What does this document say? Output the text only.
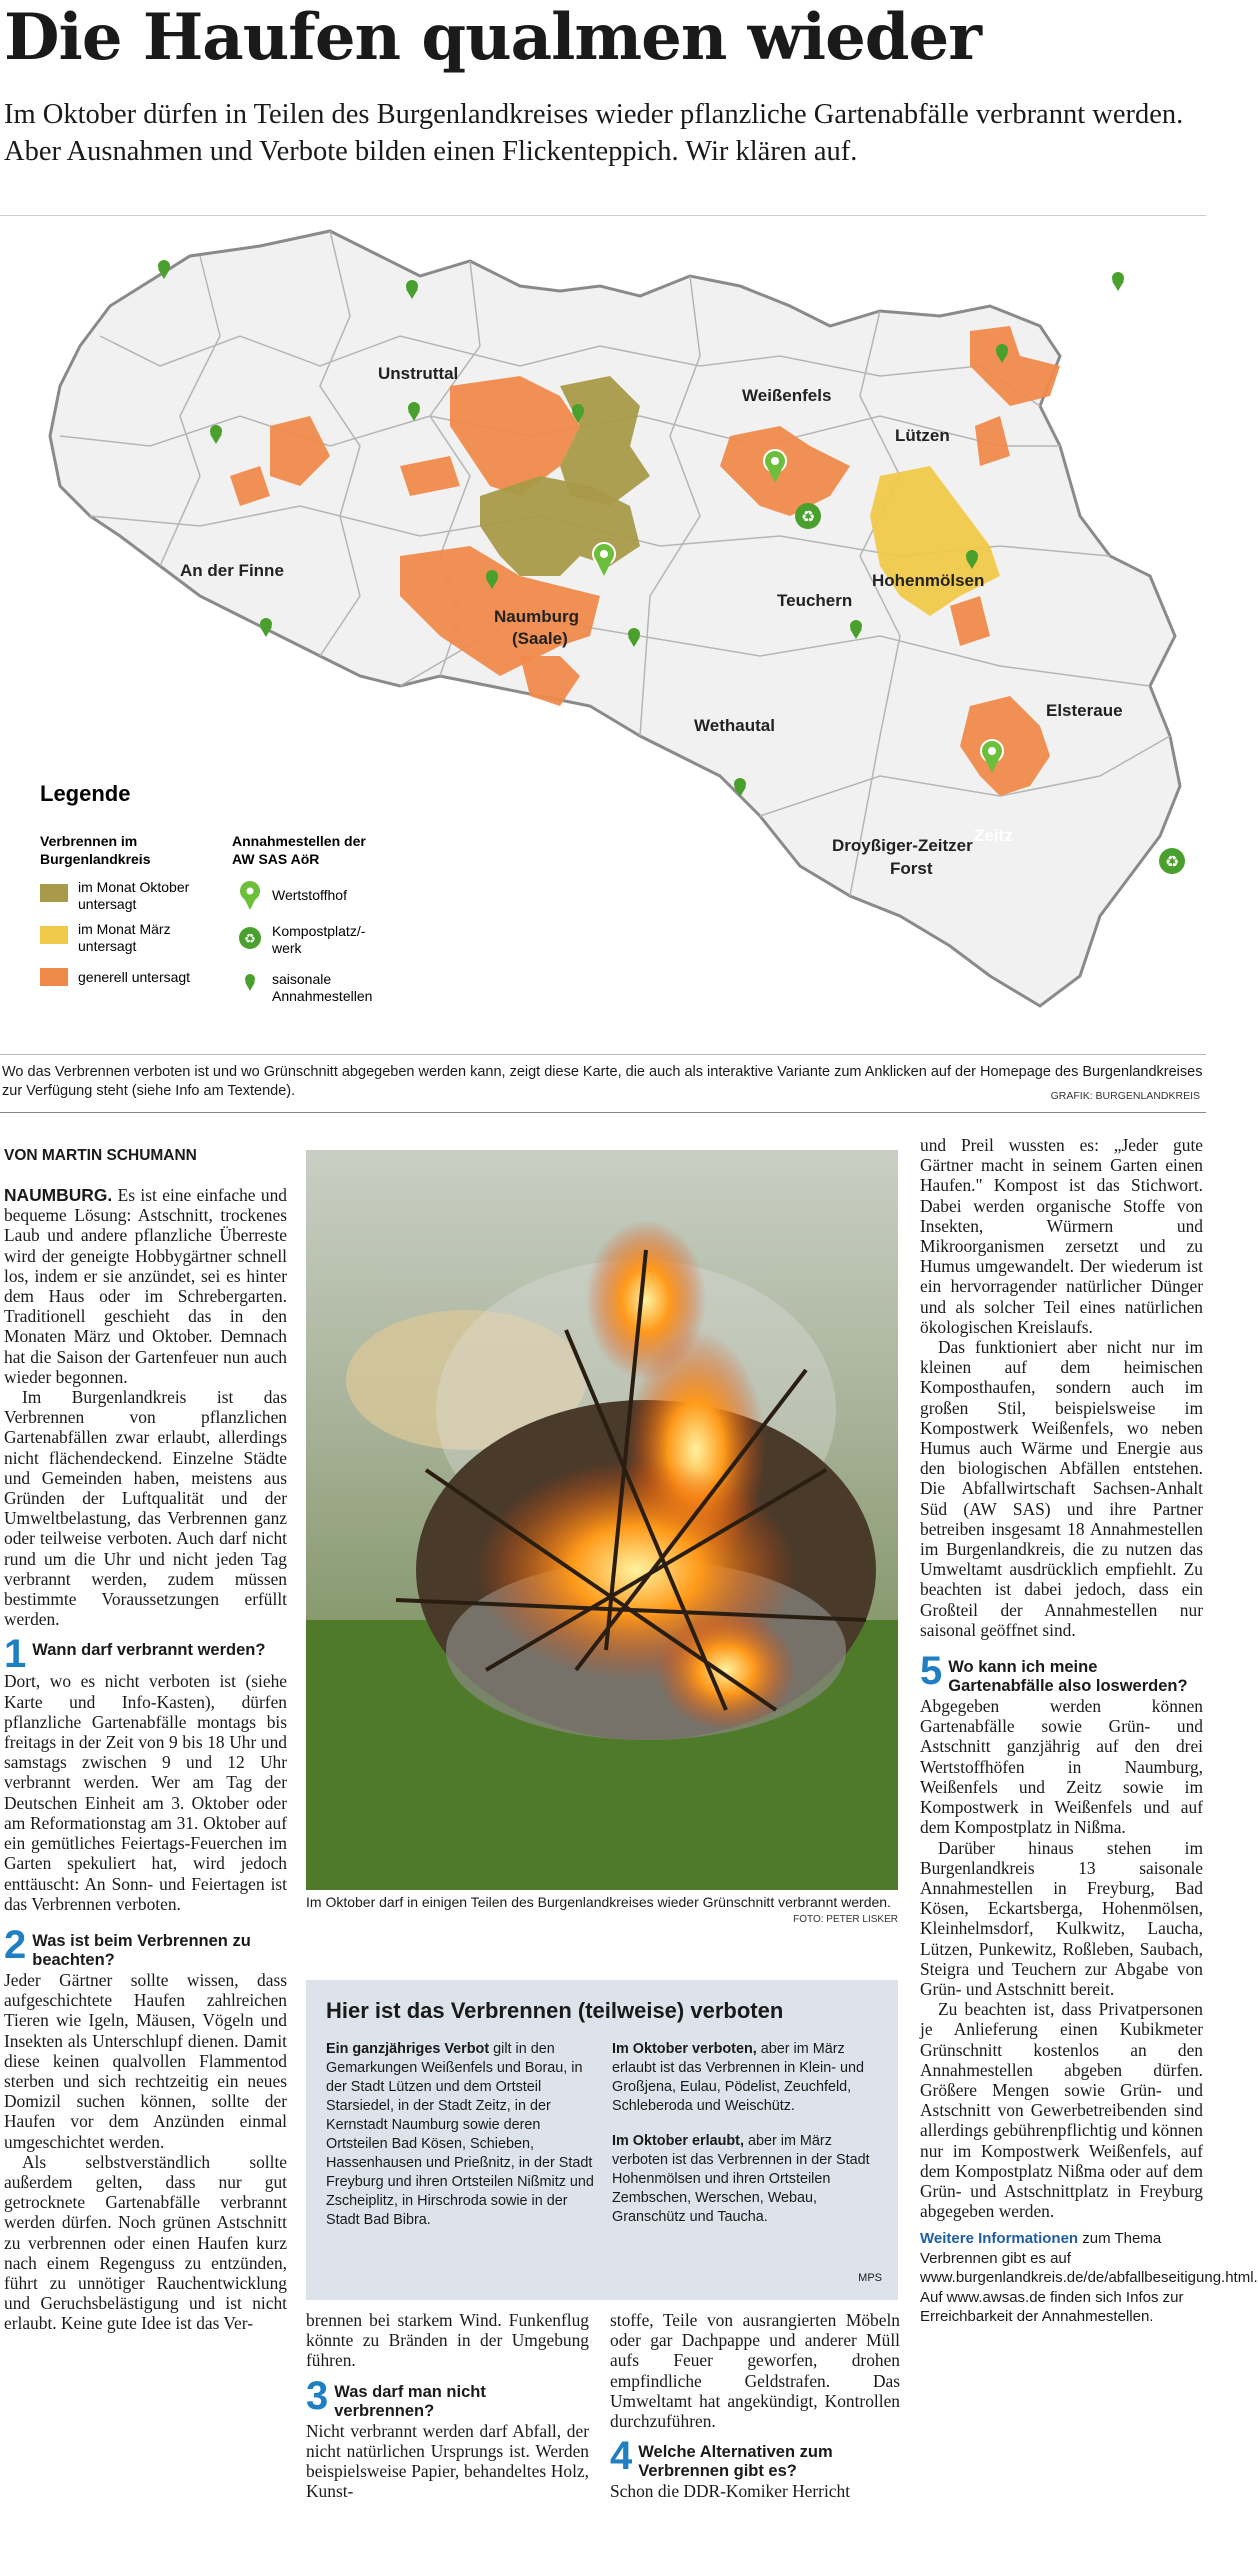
Die Haufen qualmen wieder
Im Oktober dürfen in Teilen des Burgenlandkreises wieder pflanzliche Gartenabfälle verbrannt werden. Aber Ausnahmen und Verbote bilden einen Flickenteppich. Wir klären auf.
♻
♻
Unstruttal
Weißenfels
Lützen
An der Finne
Naumburg
(Saale)
Teuchern
Hohenmölsen
Wethautal
Elsteraue
Zeitz
Droyßiger-Zeitzer
Forst
Legende
Verbrennen im
Burgenlandkreis
im Monat Oktober
untersagt
im Monat März
untersagt
generell untersagt
Annahmestellen der
AW SAS AöR
Wertstoffhof
♻
Kompostplatz/-
werk
saisonale
Annahmestellen
Wo das Verbrennen verboten ist und wo Grünschnitt abgegeben werden kann, zeigt diese Karte, die auch als interaktive Variante zum Anklicken auf der Homepage des Burgenlandkreises zur Verfügung steht (siehe Info am Textende).	GRAFIK: BURGENLANDKREIS
VON MARTIN SCHUMANN

NAUMBURG. Es ist eine einfache und bequeme Lösung: Astschnitt, trockenes Laub und andere pflanzliche Überreste wird der geneigte Hobbygärtner schnell los, indem er sie anzündet, sei es hinter dem Haus oder im Schrebergarten. Traditionell geschieht das in den Monaten März und Oktober. Demnach hat die Saison der Gartenfeuer nun auch wieder begonnen.

Im Burgenlandkreis ist das Verbrennen von pflanzlichen Gartenabfällen zwar erlaubt, allerdings nicht flächendeckend. Einzelne Städte und Gemeinden haben, meistens aus Gründen der Luftqualität und der Umweltbelastung, das Verbrennen ganz oder teilweise verboten. Auch darf nicht rund um die Uhr und nicht jeden Tag verbrannt werden, zudem müssen bestimmte Voraussetzungen erfüllt werden.

1 Wann darf verbrannt werden?

Dort, wo es nicht verboten ist (siehe Karte und Info-Kasten), dürfen pflanzliche Gartenabfälle montags bis freitags in der Zeit von 9 bis 18 Uhr und samstags zwischen 9 und 12 Uhr verbrannt werden. Wer am Tag der Deutschen Einheit am 3. Oktober oder am Reformationstag am 31. Oktober auf ein gemütliches Feiertags-Feuerchen im Garten spekuliert hat, wird jedoch enttäuscht: An Sonn- und Feiertagen ist das Verbrennen verboten.

2 Was ist beim Verbrennen zu beachten?

Jeder Gärtner sollte wissen, dass aufgeschichtete Haufen zahlreichen Tieren wie Igeln, Mäusen, Vögeln und Insekten als Unterschlupf dienen. Damit diese keinen qualvollen Flammentod sterben und sich rechtzeitig ein neues Domizil suchen können, sollte der Haufen vor dem Anzünden einmal umgeschichtet werden.

Als selbstverständlich sollte außerdem gelten, dass nur gut getrocknete Gartenabfälle verbrannt werden dürfen. Noch grünen Astschnitt zu verbrennen oder einen Haufen kurz nach einem Regenguss zu entzünden, führt zu unnötiger Rauchentwicklung und Geruchsbelästigung und ist nicht erlaubt. Keine gute Idee ist das Ver-

Im Oktober darf in einigen Teilen des Burgenlandkreises wieder Grünschnitt verbrannt werden.
FOTO: PETER LISKER
Hier ist das Verbrennen (teilweise) verboten

Ein ganzjähriges Verbot gilt in den Gemarkungen Weißenfels und Borau, in der Stadt Lützen und dem Ortsteil Starsiedel, in der Stadt Zeitz, in der Kernstadt Naumburg sowie deren Ortsteilen Bad Kösen, Schieben, Hassenhausen und Prießnitz, in der Stadt Freyburg und ihren Ortsteilen Nißmitz und Zscheiplitz, in Hirschroda sowie in der Stadt Bad Bibra.

Im Oktober verboten, aber im März erlaubt ist das Verbrennen in Klein- und Großjena, Eulau, Pödelist, Zeuchfeld, Schleberoda und Weischütz.

Im Oktober erlaubt, aber im März verboten ist das Verbrennen in der Stadt Hohenmölsen und ihren Ortsteilen Zembschen, Werschen, Webau, Granschütz und Taucha.

MPS

brennen bei starkem Wind. Funkenflug könnte zu Bränden in der Umgebung führen.

3 Was darf man nicht verbrennen?

Nicht verbrannt werden darf Abfall, der nicht natürlichen Ursprungs ist. Werden beispielsweise Papier, behandeltes Holz, Kunst-

stoffe, Teile von ausrangierten Möbeln oder gar Dachpappe und anderer Müll aufs Feuer geworfen, drohen empfindliche Geldstrafen. Das Umweltamt hat angekündigt, Kontrollen durchzuführen.

4 Welche Alternativen zum Verbrennen gibt es?

Schon die DDR-Komiker Herricht

und Preil wussten es: „Jeder gute Gärtner macht in seinem Garten einen Haufen." Kompost ist das Stichwort. Dabei werden organische Stoffe von Insekten, Würmern und Mikroorganismen zersetzt und zu Humus umgewandelt. Der wiederum ist ein hervorragender natürlicher Dünger und als solcher Teil eines natürlichen ökologischen Kreislaufs.

Das funktioniert aber nicht nur im kleinen auf dem heimischen Komposthaufen, sondern auch im großen Stil, beispielsweise im Kompostwerk Weißenfels, wo neben Humus auch Wärme und Energie aus den biologischen Abfällen entstehen. Die Abfallwirtschaft Sachsen-Anhalt Süd (AW SAS) und ihre Partner betreiben insgesamt 18 Annahmestellen im Burgenlandkreis, die zu nutzen das Umweltamt ausdrücklich empfiehlt. Zu beachten ist dabei jedoch, dass ein Großteil der Annahmestellen nur saisonal geöffnet sind.

5 Wo kann ich meine Gartenabfälle also loswerden?

Abgegeben werden können Gartenabfälle sowie Grün- und Astschnitt ganzjährig auf den drei Wertstoffhöfen in Naumburg, Weißenfels und Zeitz sowie im Kompostwerk in Weißenfels und auf dem Kompostplatz in Nißma.

Darüber hinaus stehen im Burgenlandkreis 13 saisonale Annahmestellen in Freyburg, Bad Kösen, Eckartsberga, Hohenmölsen, Kleinhelmsdorf, Kulkwitz, Laucha, Lützen, Punkewitz, Roßleben, Saubach, Steigra und Teuchern zur Abgabe von Grün- und Astschnitt bereit.

Zu beachten ist, dass Privatpersonen je Anlieferung einen Kubikmeter Grünschnitt kostenlos an den Annahmestellen abgeben dürfen. Größere Mengen sowie Grün- und Astschnitt von Gewerbetreibenden sind allerdings gebührenpflichtig und können nur im Kompostwerk Weißenfels, auf dem Kompostplatz Nißma oder auf dem Grün- und Astschnittplatz in Freyburg abgegeben werden.

Weitere Informationen zum Thema Verbrennen gibt es auf www.burgenlandkreis.de/de/abfallbeseitigung.html. Auf www.awsas.de finden sich Infos zur Erreichbarkeit der Annahmestellen.
